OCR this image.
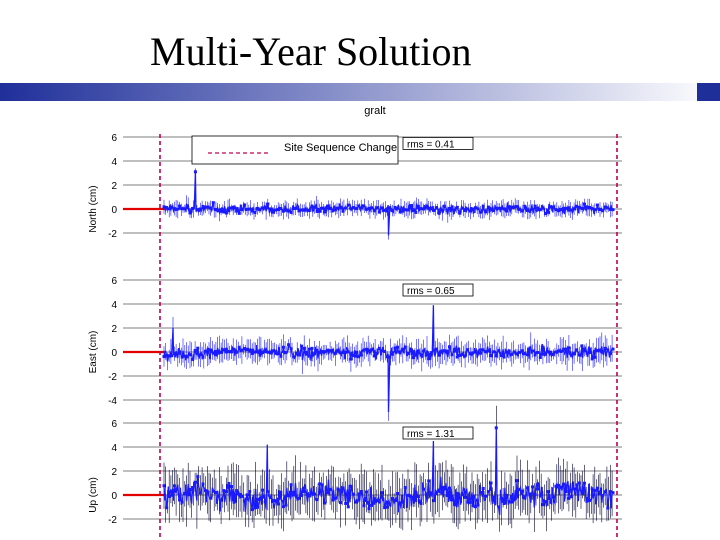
Multi-Year Solution
gralt
6
4
2
0
-2
North (cm)
rms = 0.41
6
4
2
0
-2
-4
East (cm)
rms = 0.65
6
4
2
0
-2
Up (cm)
rms = 1.31
Site Sequence Change
